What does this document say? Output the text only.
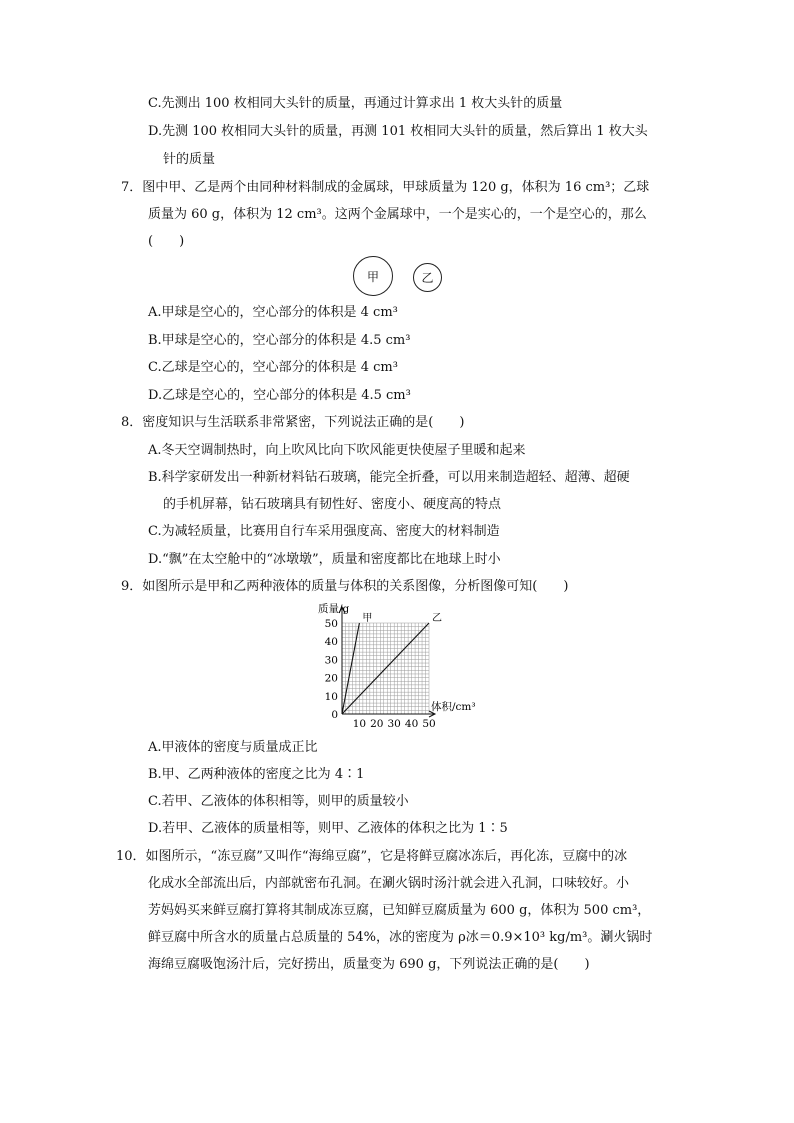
C.先测出 100 枚相同大头针的质量，再通过计算求出 1 枚大头针的质量
D.先测 100 枚相同大头针的质量，再测 101 枚相同大头针的质量，然后算出 1 枚大头
针的质量
7．图中甲、乙是两个由同种材料制成的金属球，甲球质量为 120 g，体积为 16 cm³；乙球
质量为 60 g，体积为 12 cm³。这两个金属球中，一个是实心的，一个是空心的，那么
(　　)
甲	乙
A.甲球是空心的，空心部分的体积是 4 cm³
B.甲球是空心的，空心部分的体积是 4.5 cm³
C.乙球是空心的，空心部分的体积是 4 cm³
D.乙球是空心的，空心部分的体积是 4.5 cm³
8．密度知识与生活联系非常紧密，下列说法正确的是(　　)
A.冬天空调制热时，向上吹风比向下吹风能更快使屋子里暖和起来
B.科学家研发出一种新材料钻石玻璃，能完全折叠，可以用来制造超轻、超薄、超硬
的手机屏幕，钻石玻璃具有韧性好、密度小、硬度高的特点
C.为减轻质量，比赛用自行车采用强度高、密度大的材料制造
D.“飘”在太空舱中的“冰墩墩”，质量和密度都比在地球上时小
9．如图所示是甲和乙两种液体的质量与体积的关系图像，分析图像可知(　　)
甲	乙
10
20
30
40
50
10 20 30 40 50
0
质量/g
体积/cm³
A.甲液体的密度与质量成正比
B.甲、乙两种液体的密度之比为 4∶1
C.若甲、乙液体的体积相等，则甲的质量较小
D.若甲、乙液体的质量相等，则甲、乙液体的体积之比为 1∶5
10．如图所示，“冻豆腐”又叫作“海绵豆腐”，它是将鲜豆腐冰冻后，再化冻，豆腐中的冰
化成水全部流出后，内部就密布孔洞。在涮火锅时汤汁就会进入孔洞，口味较好。小
芳妈妈买来鲜豆腐打算将其制成冻豆腐，已知鲜豆腐质量为 600 g，体积为 500 cm³，
鲜豆腐中所含水的质量占总质量的 54%，冰的密度为 ρ冰＝0.9×10³ kg/m³。涮火锅时
海绵豆腐吸饱汤汁后，完好捞出，质量变为 690 g，下列说法正确的是(　　)
